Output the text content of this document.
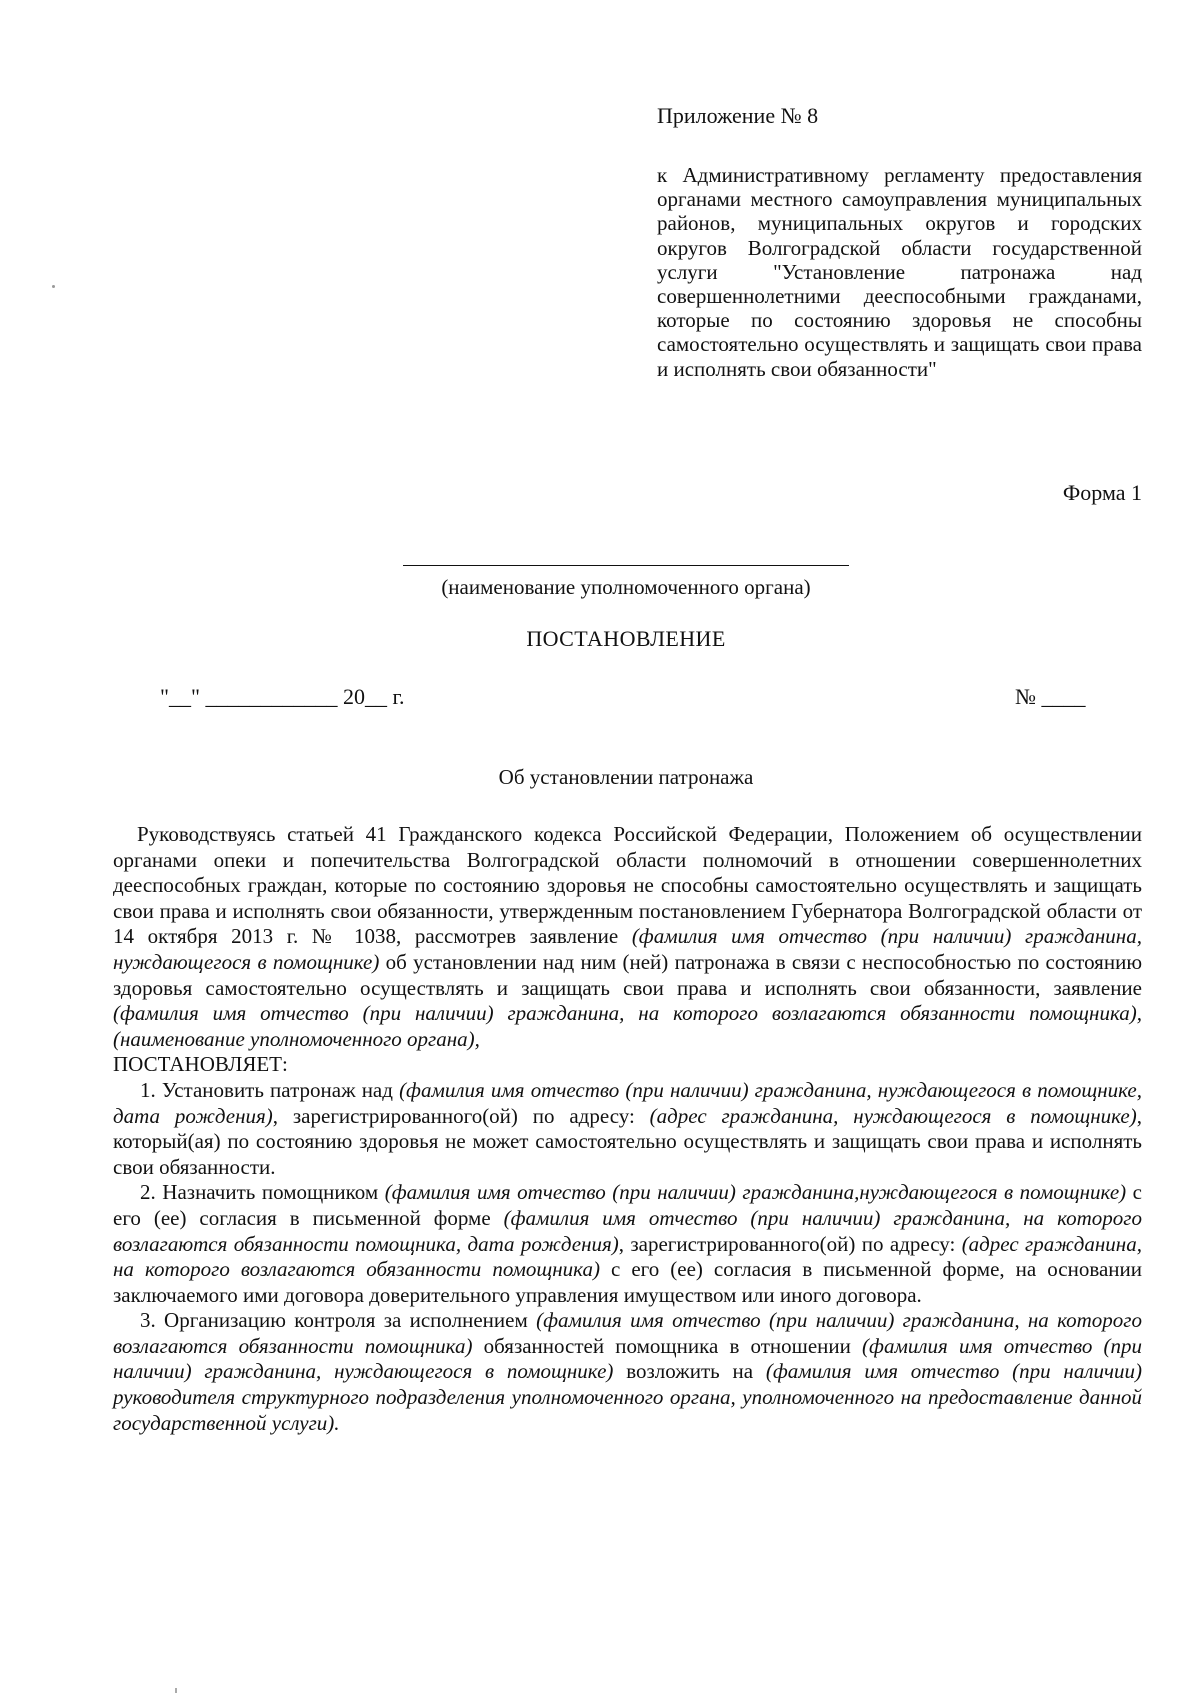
Приложение № 8
к Административному регламенту предоставления органами местного самоуправления муниципальных районов, муниципальных округов и городских округов Волгоградской области государственной услуги "Установление патронажа над совершеннолетними дееспособными гражданами, которые по состоянию здоровья не способны самостоятельно осуществлять и защищать свои права и исполнять свои обязанности"
Форма 1
(наименование уполномоченного органа)
ПОСТАНОВЛЕНИЕ
"__" ____________ 20__ г.	№ ____
Об установлении патронажа

Руководствуясь статьей 41 Гражданского кодекса Российской Федерации, Положением об осуществлении органами опеки и попечительства Волгоградской области полномочий в отношении совершеннолетних дееспособных граждан, которые по состоянию здоровья не способны самостоятельно осуществлять и защищать свои права и исполнять свои обязанности, утвержденным постановлением Губернатора Волгоградской области от 14 октября 2013 г. № 1038, рассмотрев заявление (фамилия имя отчество (при наличии) гражданина, нуждающегося в помощнике) об установлении над ним (ней) патронажа в связи с неспособностью по состоянию здоровья самостоятельно осуществлять и защищать свои права и исполнять свои обязанности, заявление (фамилия имя отчество (при наличии) гражданина, на которого возлагаются обязанности помощника), (наименование уполномоченного органа),

ПОСТАНОВЛЯЕТ:

1. Установить патронаж над (фамилия имя отчество (при наличии) гражданина, нуждающегося в помощнике, дата рождения), зарегистрированного(ой) по адресу: (адрес гражданина, нуждающегося в помощнике), который(ая) по состоянию здоровья не может самостоятельно осуществлять и защищать свои права и исполнять свои обязанности.

2. Назначить помощником (фамилия имя отчество (при наличии) гражданина,нуждающегося в помощнике) с его (ее) согласия в письменной форме (фамилия имя отчество (при наличии) гражданина, на которого возлагаются обязанности помощника, дата рождения), зарегистрированного(ой) по адресу: (адрес гражданина, на которого возлагаются обязанности помощника) с его (ее) согласия в письменной форме, на основании заключаемого ими договора доверительного управления имуществом или иного договора.

3. Организацию контроля за исполнением (фамилия имя отчество (при наличии) гражданина, на которого возлагаются обязанности помощника) обязанностей помощника в отношении (фамилия имя отчество (при наличии) гражданина, нуждающегося в помощнике) возложить на (фамилия имя отчество (при наличии) руководителя структурного подразделения уполномоченного органа, уполномоченного на предоставление данной государственной услуги).
